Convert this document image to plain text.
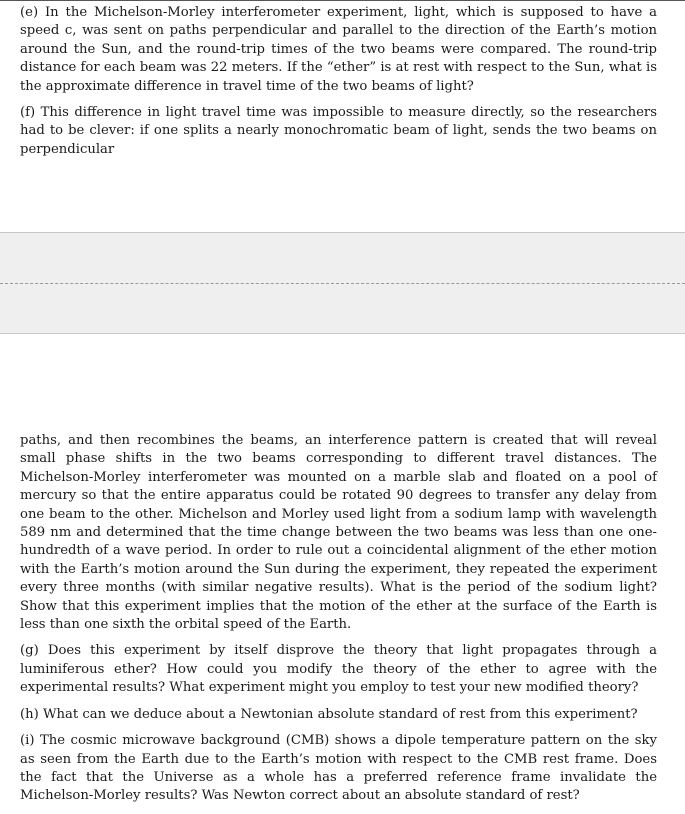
(e) In the Michelson-Morley interferometer experiment, light, which is supposed to have a speed c, was sent on paths perpendicular and parallel to the direction of the Earth’s motion around the Sun, and the round-trip times of the two beams were compared. The round-trip distance for each beam was 22 meters. If the “ether” is at rest with respect to the Sun, what is the approximate difference in travel time of the two beams of light?

(f) This difference in light travel time was impossible to measure directly, so the researchers had to be clever: if one splits a nearly monochromatic beam of light, sends the two beams on perpendicular

paths, and then recombines the beams, an interference pattern is created that will reveal small phase shifts in the two beams corresponding to different travel distances. The Michelson-Morley interferometer was mounted on a marble slab and floated on a pool of mercury so that the entire apparatus could be rotated 90 degrees to transfer any delay from one beam to the other. Michelson and Morley used light from a sodium lamp with wavelength 589 nm and determined that the time change between the two beams was less than one one-hundredth of a wave period. In order to rule out a coincidental alignment of the ether motion with the Earth’s motion around the Sun during the experiment, they repeated the experiment every three months (with similar negative results). What is the period of the sodium light? Show that this experiment implies that the motion of the ether at the surface of the Earth is less than one sixth the orbital speed of the Earth.

(g) Does this experiment by itself disprove the theory that light propagates through a luminiferous ether? How could you modify the theory of the ether to agree with the experimental results? What experiment might you employ to test your new modified theory?

(h) What can we deduce about a Newtonian absolute standard of rest from this experiment?

(i) The cosmic microwave background (CMB) shows a dipole temperature pattern on the sky as seen from the Earth due to the Earth’s motion with respect to the CMB rest frame. Does the fact that the Universe as a whole has a preferred reference frame invalidate the Michelson-Morley results? Was Newton correct about an absolute standard of rest?
